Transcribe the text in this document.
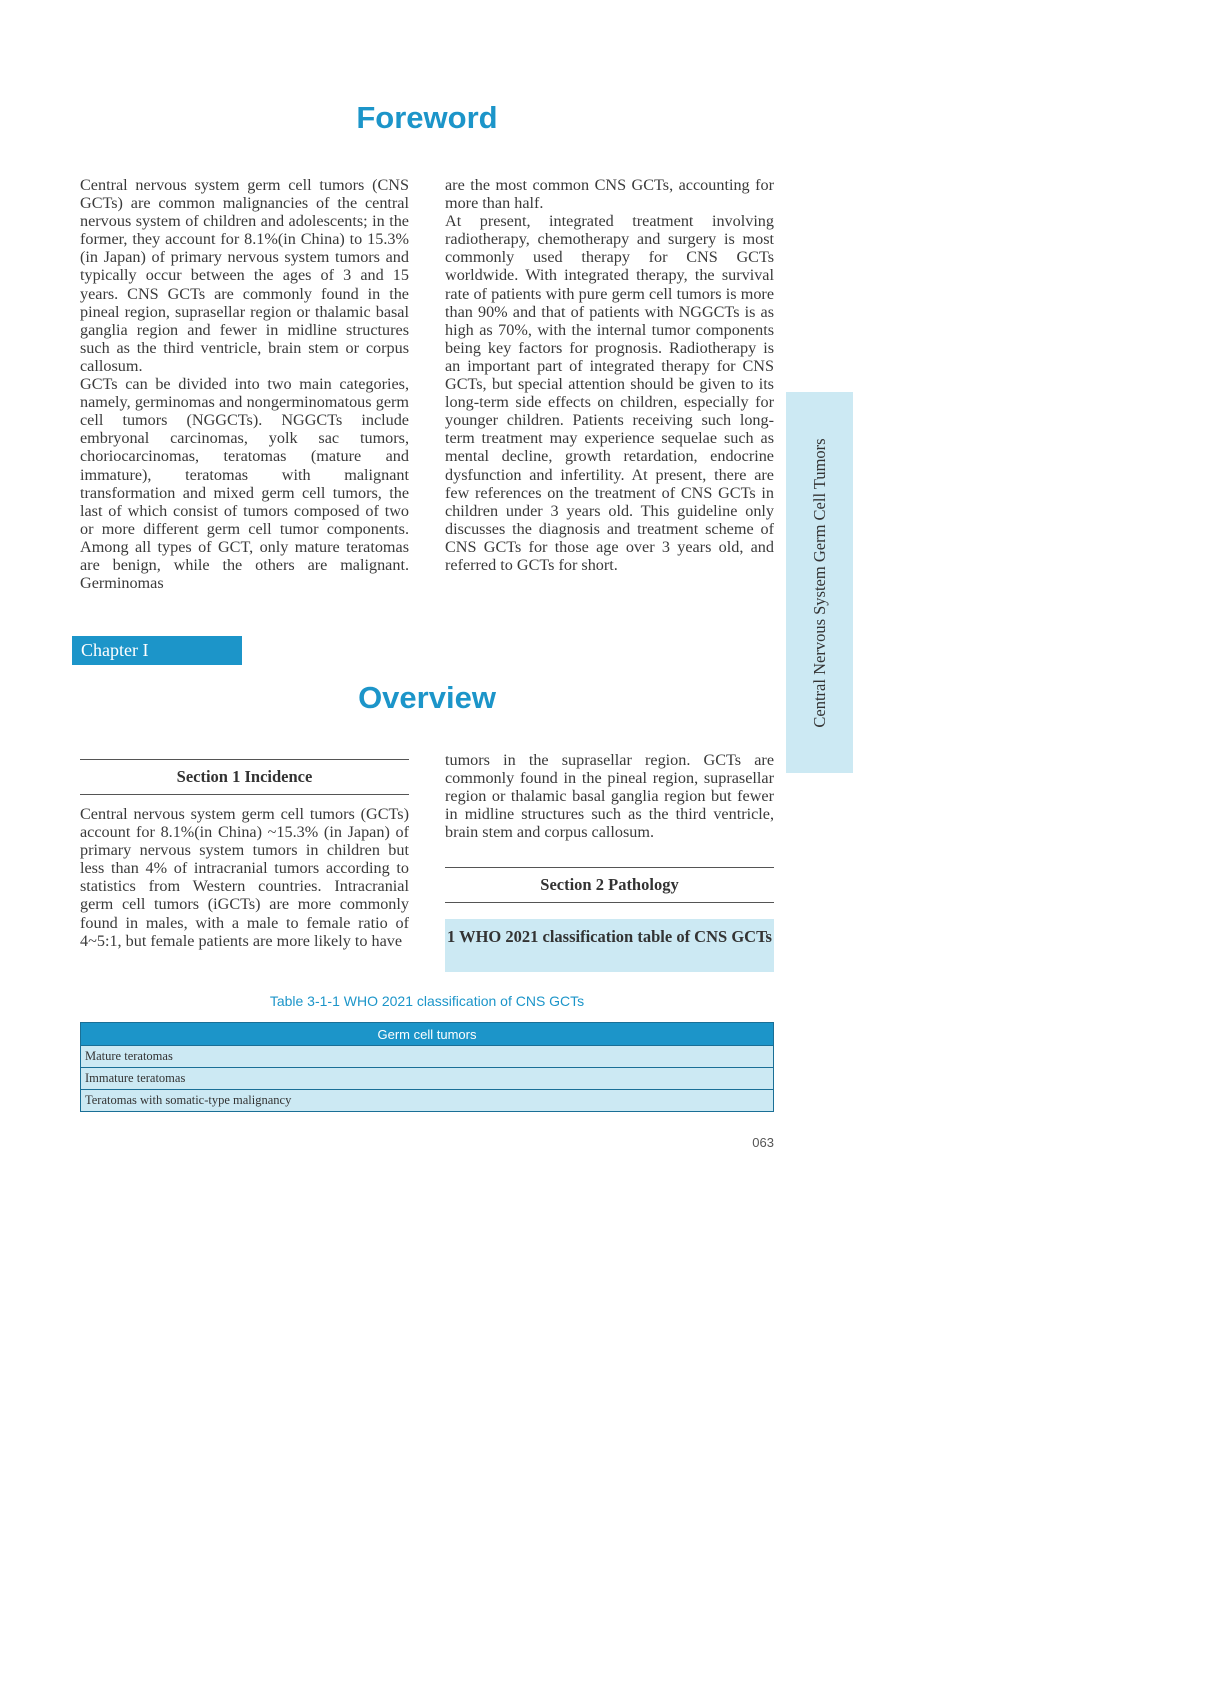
Foreword

Central nervous system germ cell tumors (CNS GCTs) are common malignancies of the central nervous system of children and adolescents; in the former, they account for 8.1%(in China) to 15.3% (in Japan) of primary nervous system tumors and typically occur between the ages of 3 and 15 years. CNS GCTs are commonly found in the pineal region, suprasellar region or thalamic basal ganglia region and fewer in midline structures such as the third ventricle, brain stem or corpus callosum.

GCTs can be divided into two main categories, namely, germinomas and nongerminomatous germ cell tumors (NGGCTs). NGGCTs include embryonal carcinomas, yolk sac tumors, choriocarcinomas, teratomas (mature and immature), teratomas with malignant transformation and mixed germ cell tumors, the last of which consist of tumors composed of two or more different germ cell tumor components. Among all types of GCT, only mature teratomas are benign, while the others are malignant. Germinomas

are the most common CNS GCTs, accounting for more than half.

At present, integrated treatment involving radiotherapy, chemotherapy and surgery is most commonly used therapy for CNS GCTs worldwide. With integrated therapy, the survival rate of patients with pure germ cell tumors is more than 90% and that of patients with NGGCTs is as high as 70%, with the internal tumor components being key factors for prognosis. Radiotherapy is an important part of integrated therapy for CNS GCTs, but special attention should be given to its long-term side effects on children, especially for younger children. Patients receiving such long-term treatment may experience sequelae such as mental decline, growth retardation, endocrine dysfunction and infertility. At present, there are few references on the treatment of CNS GCTs in children under 3 years old. This guideline only discusses the diagnosis and treatment scheme of CNS GCTs for those age over 3 years old, and referred to GCTs for short.	Central Nervous System Germ Cell Tumors
Chapter I
Overview
Section 1 Incidence

Central nervous system germ cell tumors (GCTs) account for 8.1%(in China) ~15.3% (in Japan) of primary nervous system tumors in children but less than 4% of intracranial tumors according to statistics from Western countries. Intracranial germ cell tumors (iGCTs) are more commonly found in males, with a male to female ratio of 4~5:1, but female patients are more likely to have

tumors in the suprasellar region. GCTs are commonly found in the pineal region, suprasellar region or thalamic basal ganglia region but fewer in midline structures such as the third ventricle, brain stem and corpus callosum.

Section 2 Pathology
1 WHO 2021 classification table of CNS GCTs
Table 3-1-1 WHO 2021 classification of CNS GCTs
Germ cell tumors
Mature teratomas
Immature teratomas
Teratomas with somatic-type malignancy
063
